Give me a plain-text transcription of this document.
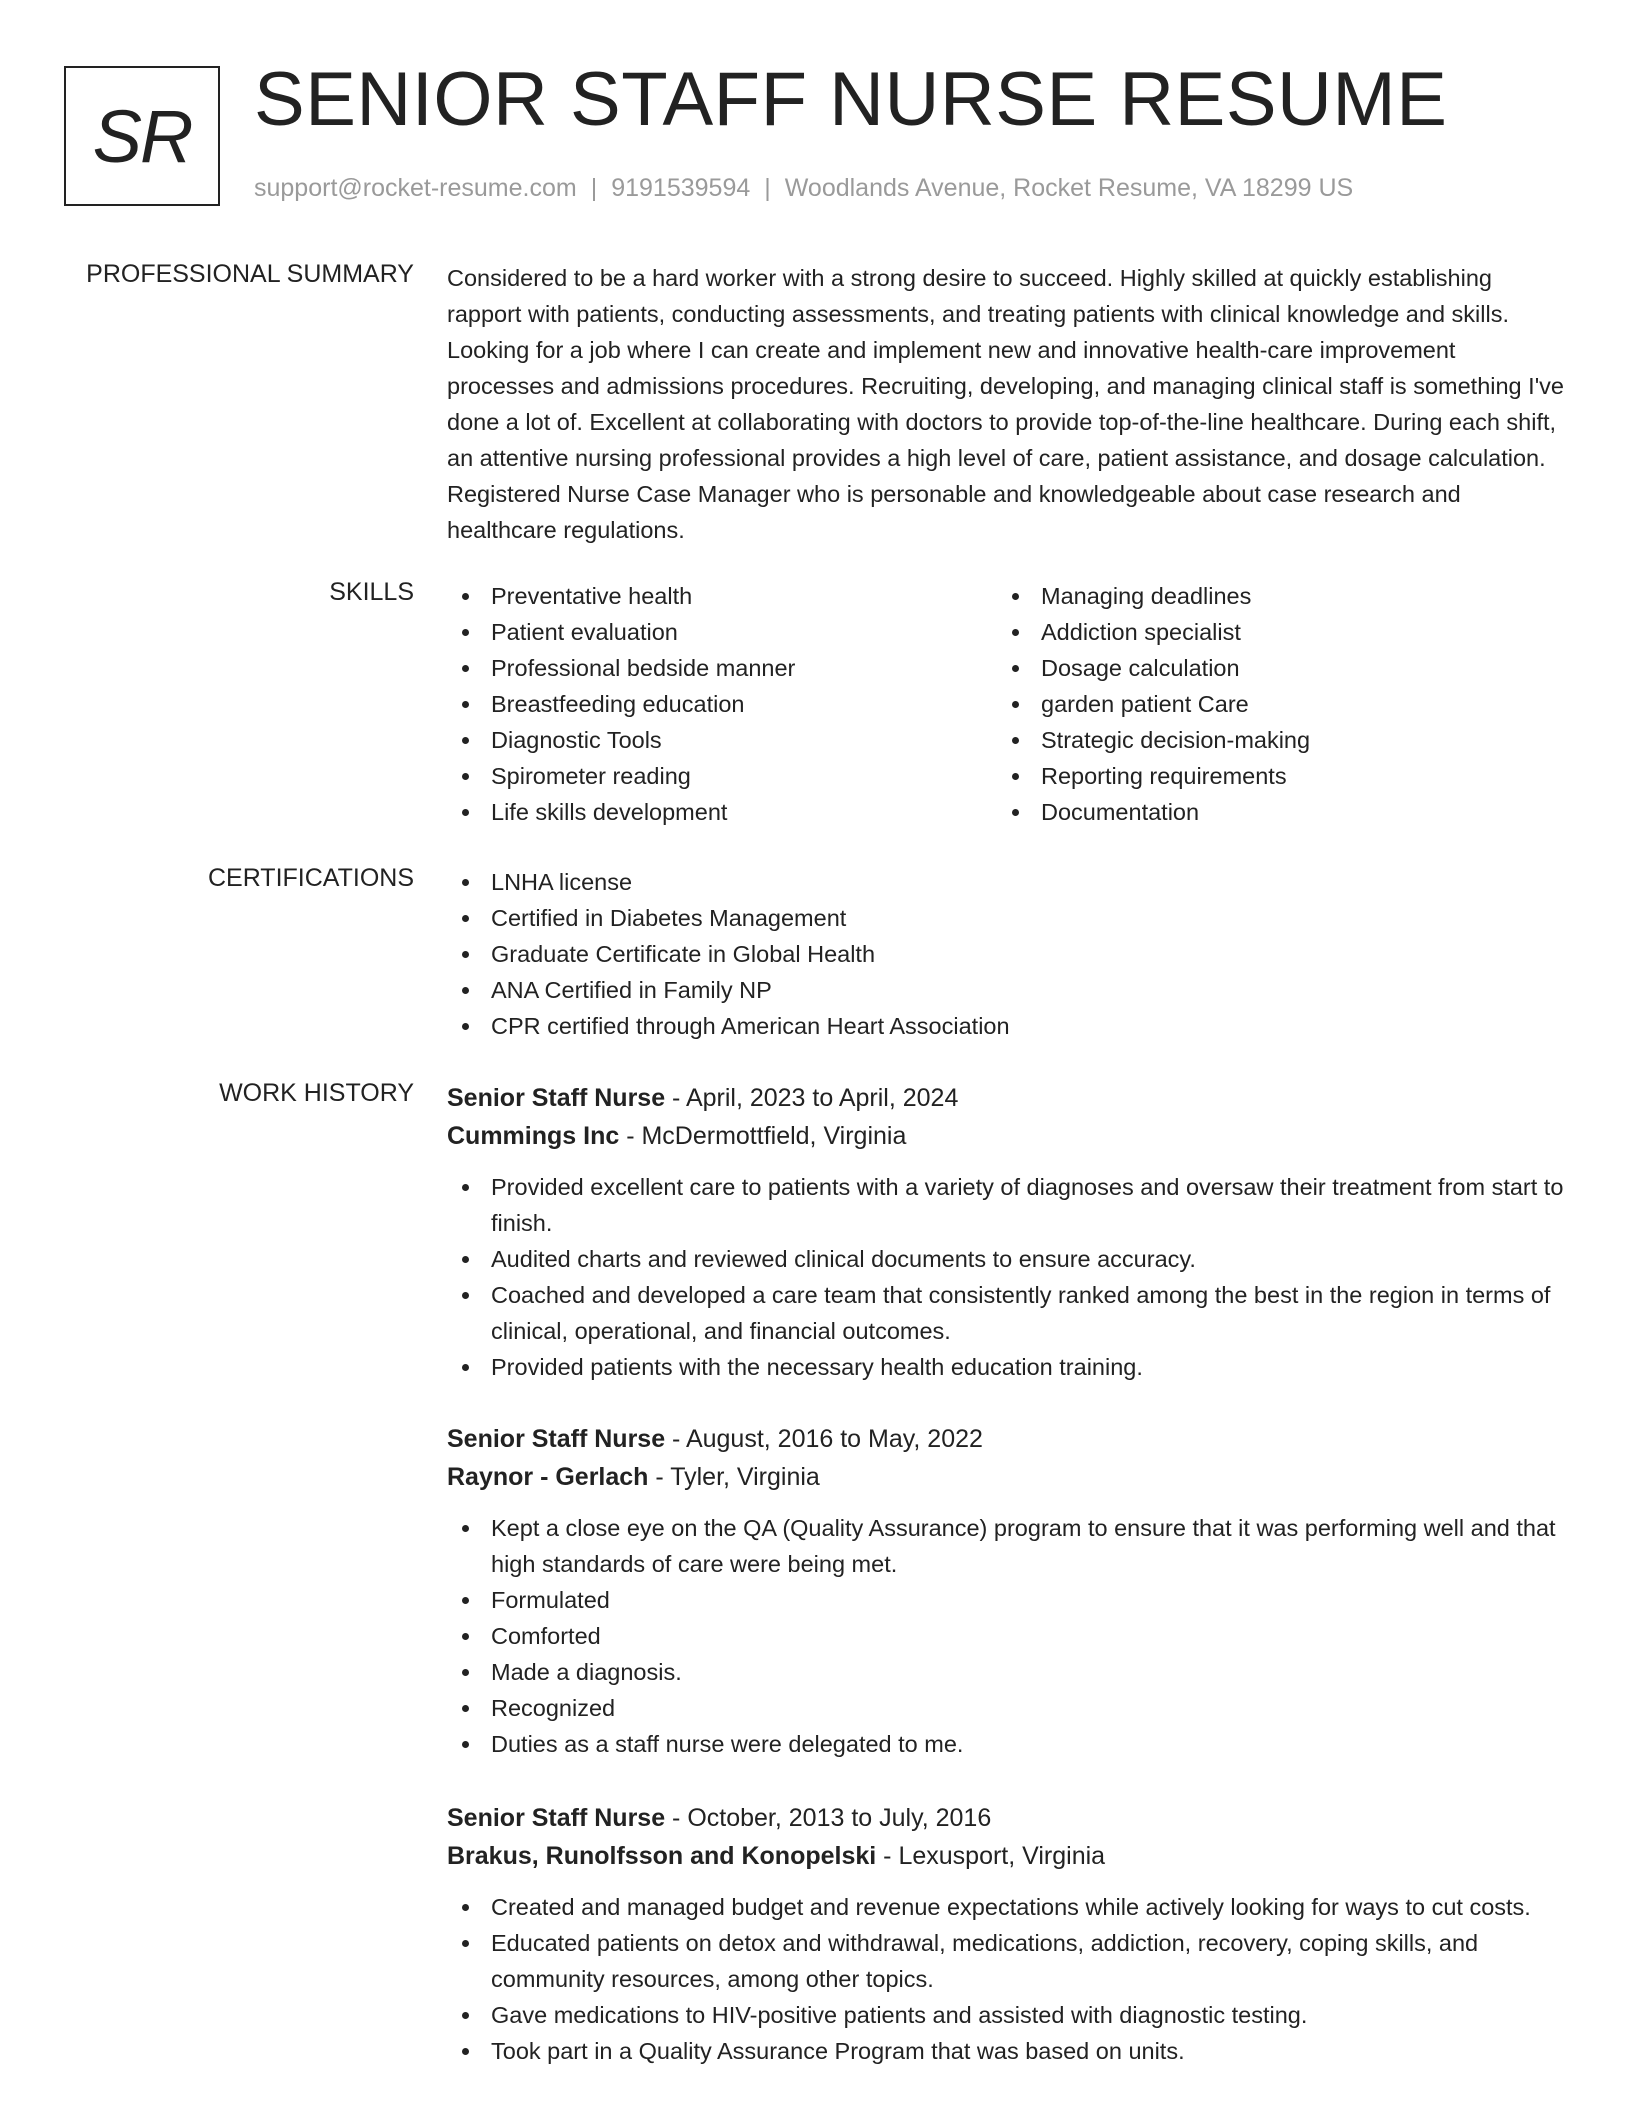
SR SENIOR STAFF NURSE RESUME
support@rocket-resume.com | 9191539594 | Woodlands Avenue, Rocket Resume, VA 18299 US
PROFESSIONAL SUMMARY Considered to be a hard worker with a strong desire to succeed. Highly skilled at quickly establishing rapport with patients, conducting assessments, and treating patients with clinical knowledge and skills. Looking for a job where I can create and implement new and innovative health-care improvement processes and admissions procedures. Recruiting, developing, and managing clinical staff is something I've done a lot of. Excellent at collaborating with doctors to provide top-of-the-line healthcare. During each shift, an attentive nursing professional provides a high level of care, patient assistance, and dosage calculation. Registered Nurse Case Manager who is personable and knowledgeable about case research and healthcare regulations.

SKILLS	Preventative health
Patient evaluation
Professional bedside manner
Breastfeeding education
Diagnostic Tools
Spirometer reading
Life skills development
Managing deadlines
Addiction specialist
Dosage calculation
garden patient Care
Strategic decision-making
Reporting requirements
Documentation
CERTIFICATIONS	LNHA license
Certified in Diabetes Management
Graduate Certificate in Global Health
ANA Certified in Family NP
CPR certified through American Heart Association
WORK HISTORY Senior Staff Nurse - April, 2023 to April, 2024
Cummings Inc - McDermottfield, Virginia
Provided excellent care to patients with a variety of diagnoses and oversaw their treatment from start to finish.
Audited charts and reviewed clinical documents to ensure accuracy.
Coached and developed a care team that consistently ranked among the best in the region in terms of clinical, operational, and financial outcomes.
Provided patients with the necessary health education training.
Senior Staff Nurse - August, 2016 to May, 2022
Raynor - Gerlach - Tyler, Virginia
Kept a close eye on the QA (Quality Assurance) program to ensure that it was performing well and that high standards of care were being met.
Formulated
Comforted
Made a diagnosis.
Recognized
Duties as a staff nurse were delegated to me.
Senior Staff Nurse - October, 2013 to July, 2016
Brakus, Runolfsson and Konopelski - Lexusport, Virginia
Created and managed budget and revenue expectations while actively looking for ways to cut costs.
Educated patients on detox and withdrawal, medications, addiction, recovery, coping skills, and community resources, among other topics.
Gave medications to HIV-positive patients and assisted with diagnostic testing.
Took part in a Quality Assurance Program that was based on units.
